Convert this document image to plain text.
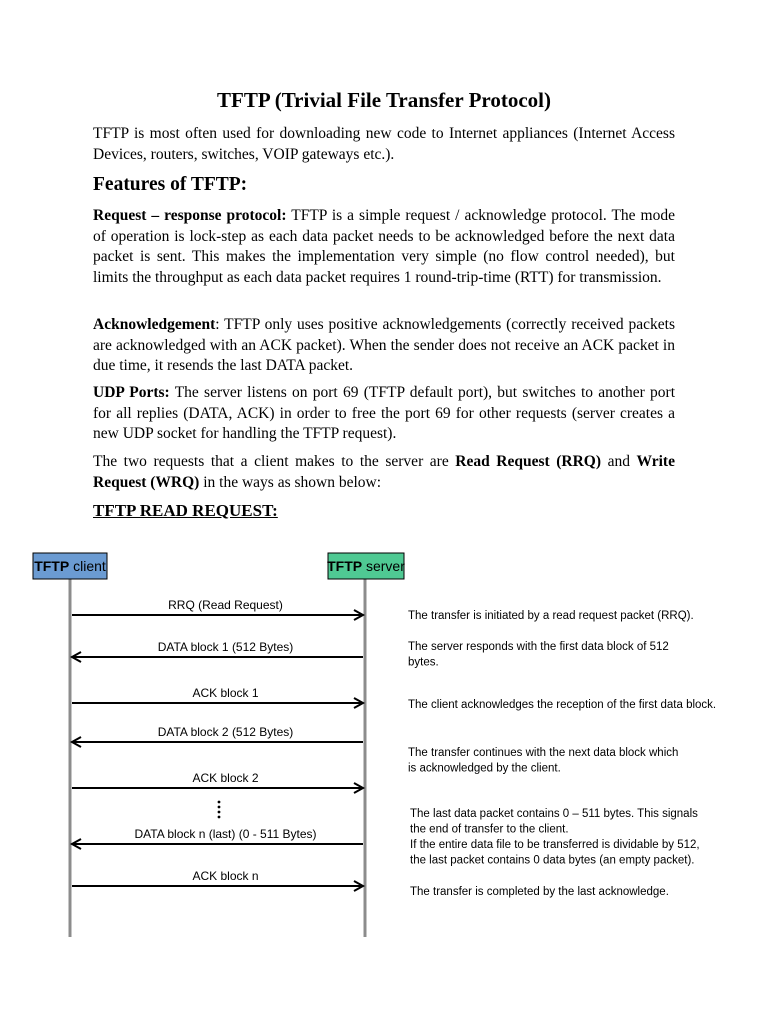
TFTP (Trivial File Transfer Protocol)

TFTP is most often used for downloading new code to Internet appliances (Internet Access Devices, routers, switches, VOIP gateways etc.).

Features of TFTP:

Request – response protocol: TFTP is a simple request / acknowledge protocol. The mode of operation is lock-step as each data packet needs to be acknowledged before the next data packet is sent. This makes the implementation very simple (no flow control needed), but limits the throughput as each data packet requires 1 round-trip-time (RTT) for transmission.

Acknowledgement: TFTP only uses positive acknowledgements (correctly received packets are acknowledged with an ACK packet). When the sender does not receive an ACK packet in due time, it resends the last DATA packet.

UDP Ports: The server listens on port 69 (TFTP default port), but switches to another port for all replies (DATA, ACK) in order to free the port 69 for other requests (server creates a new UDP socket for handling the TFTP request).

The two requests that a client makes to the server are Read Request (RRQ) and Write Request (WRQ) in the ways as shown below:

TFTP READ REQUEST:
TFTP client	TFTP server
RRQ (Read Request)
DATA block 1 (512 Bytes)
ACK block 1
DATA block 2 (512 Bytes)
ACK block 2
DATA block n (last) (0 - 511 Bytes)
ACK block n
The transfer is initiated by a read request packet (RRQ).
The server responds with the first data block of 512 bytes.
The client acknowledges the reception of the first data block.
The transfer continues with the next data block which is acknowledged by the client.
The last data packet contains 0 – 511 bytes. This signals the end of transfer to the client. If the entire data file to be transferred is dividable by 512, the last packet contains 0 data bytes (an empty packet).
The transfer is completed by the last acknowledge.
